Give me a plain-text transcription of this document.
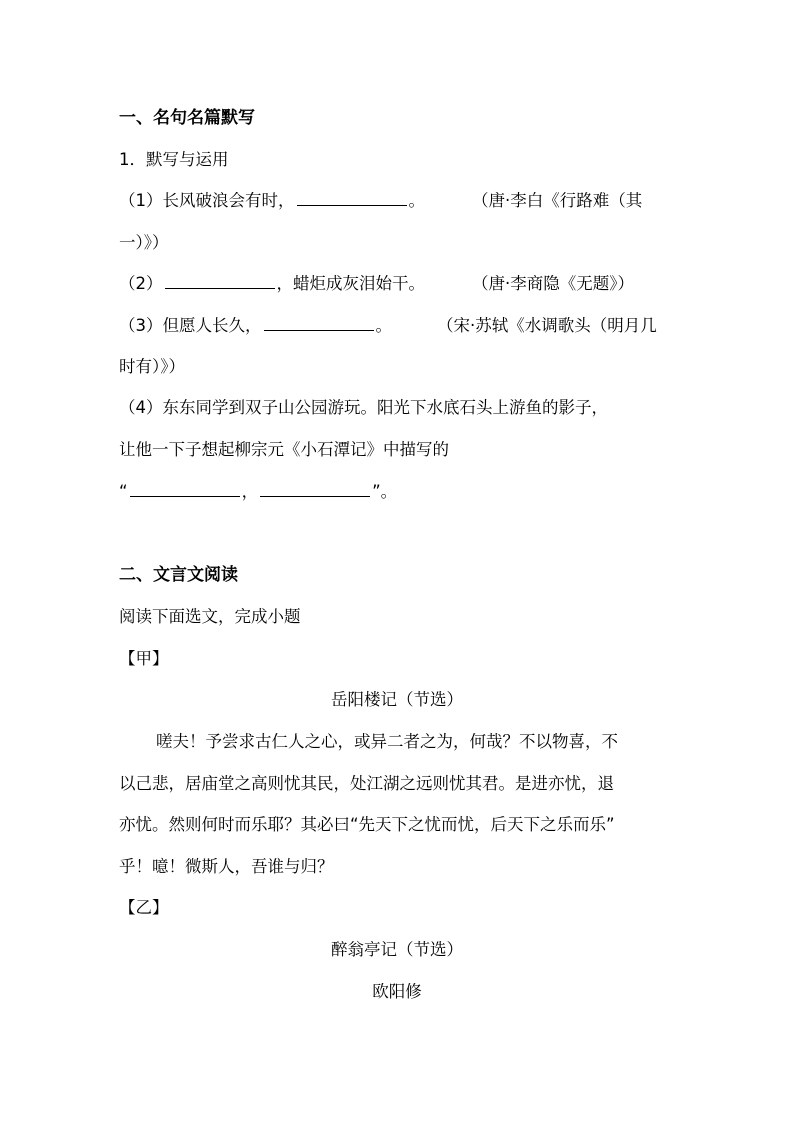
一、名句名篇默写
1．默写与运用
（1）长风破浪会有时，	。	（唐·李白《行路难（其
一）》）
（2）	，蜡炬成灰泪始干。	（唐·李商隐《无题》）
（3）但愿人长久，	。	（宋·苏轼《水调歌头（明月几
时有）》）
（4）东东同学到双子山公园游玩。阳光下水底石头上游鱼的影子，
让他一下子想起柳宗元《小石潭记》中描写的
“	，	”。
二、文言文阅读
阅读下面选文，完成小题
【甲】
岳阳楼记（节选）
嗟夫！予尝求古仁人之心，或异二者之为，何哉？不以物喜，不
以己悲，居庙堂之高则忧其民，处江湖之远则忧其君。是进亦忧，退
亦忧。然则何时而乐耶？其必曰“先天下之忧而忧，后天下之乐而乐”
乎！噫！微斯人，吾谁与归？
【乙】
醉翁亭记（节选）
欧阳修
